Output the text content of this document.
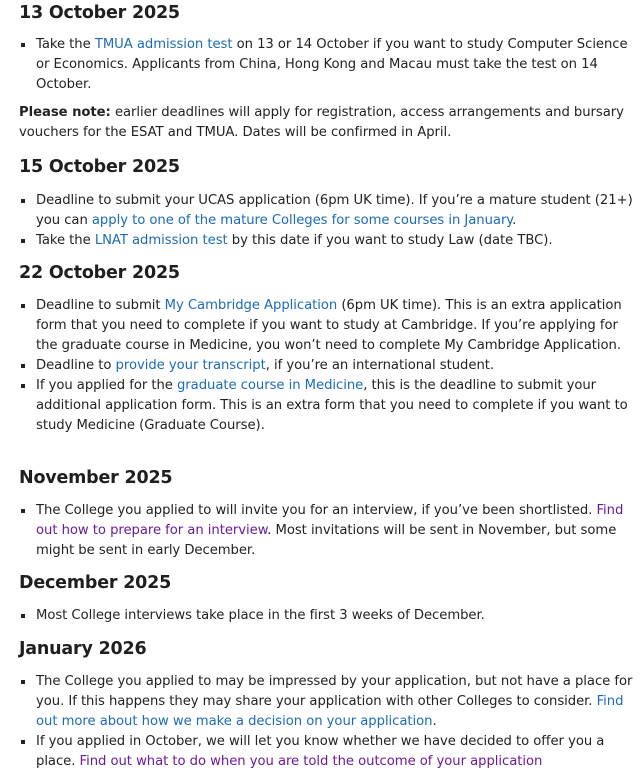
13 October 2025
Take the TMUA admission test on 13 or 14 October if you want to study Computer Science or Economics. Applicants from China, Hong Kong and Macau must take the test on 14 October.

Please note: earlier deadlines will apply for registration, access arrangements and bursary vouchers for the ESAT and TMUA. Dates will be confirmed in April.

15 October 2025
Deadline to submit your UCAS application (6pm UK time). If you’re a mature student (21+) you can apply to one of the mature Colleges for some courses in January.
Take the LNAT admission test by this date if you want to study Law (date TBC).
22 October 2025
Deadline to submit My Cambridge Application (6pm UK time). This is an extra application form that you need to complete if you want to study at Cambridge. If you’re applying for the graduate course in Medicine, you won’t need to complete My Cambridge Application.
Deadline to provide your transcript, if you’re an international student.
If you applied for the graduate course in Medicine, this is the deadline to submit your additional application form. This is an extra form that you need to complete if you want to study Medicine (Graduate Course).
November 2025
The College you applied to will invite you for an interview, if you’ve been shortlisted. Find out how to prepare for an interview. Most invitations will be sent in November, but some might be sent in early December.
December 2025
Most College interviews take place in the first 3 weeks of December.
January 2026
The College you applied to may be impressed by your application, but not have a place for you. If this happens they may share your application with other Colleges to consider. Find out more about how we make a decision on your application.
If you applied in October, we will let you know whether we have decided to offer you a place. Find out what to do when you are told the outcome of your application
